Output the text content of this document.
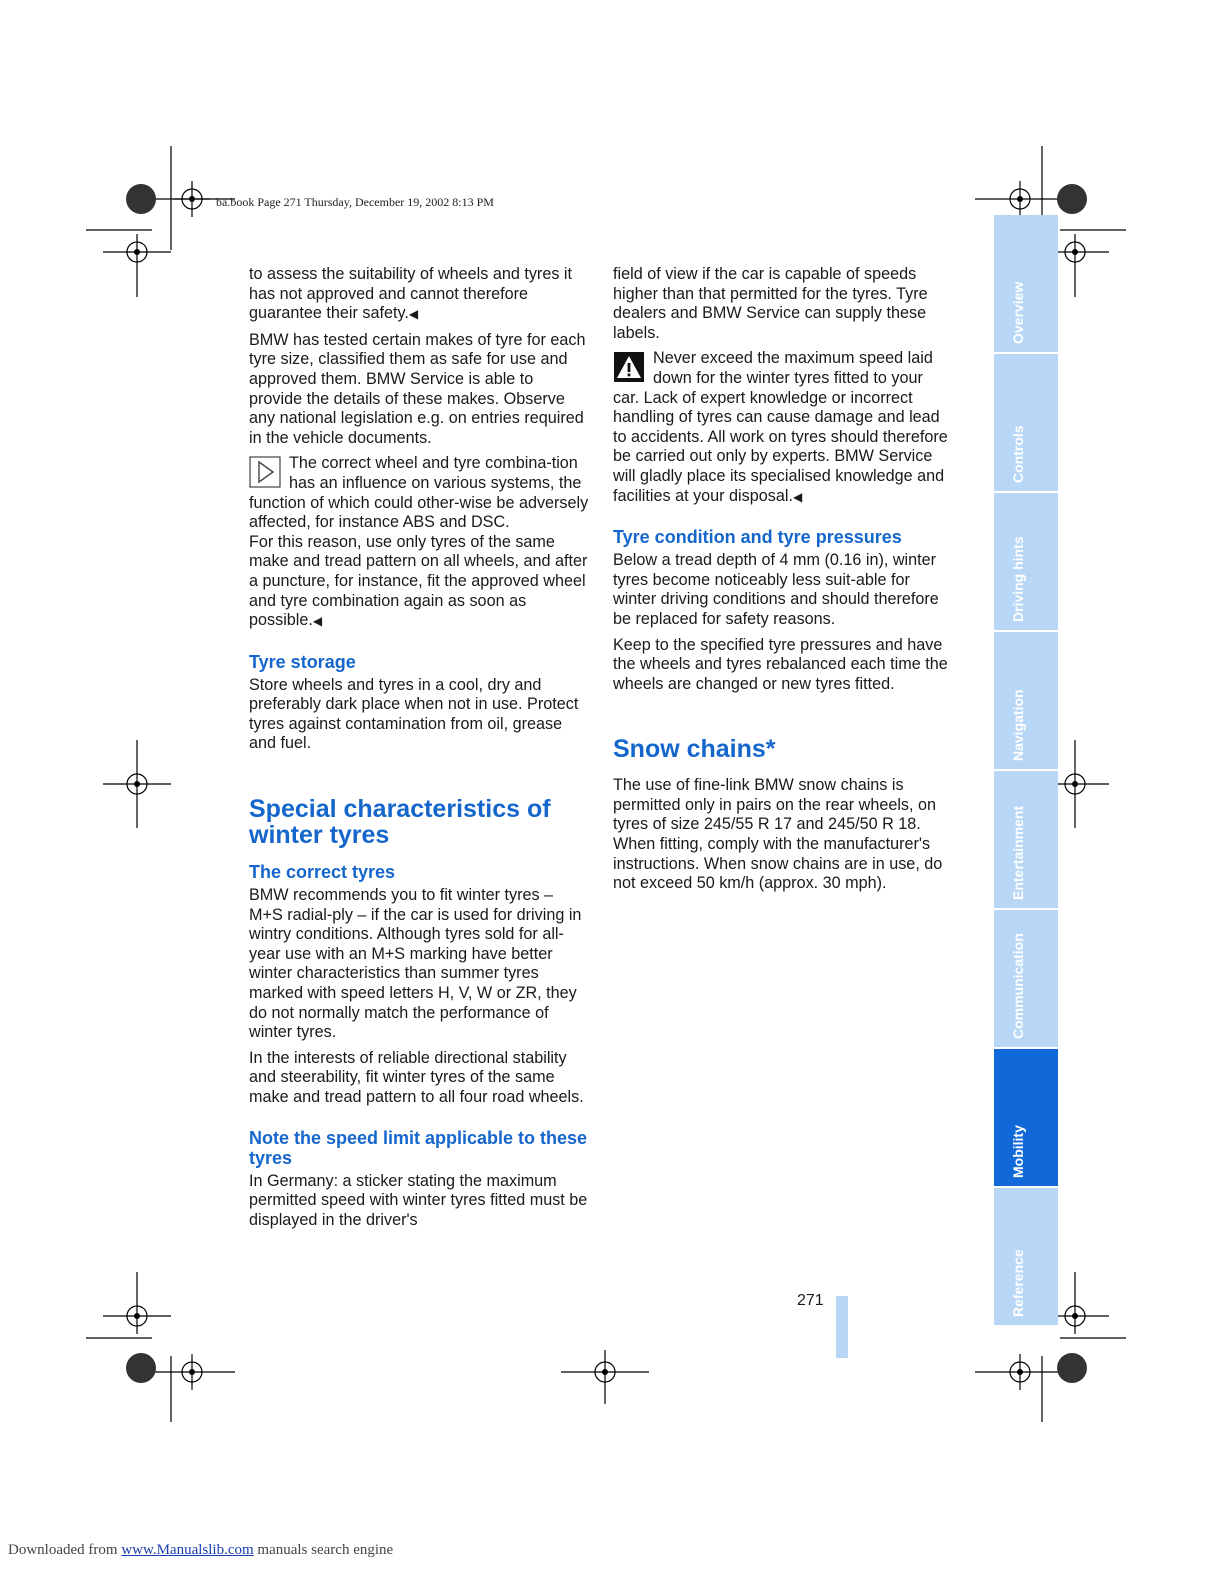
ba.book Page 271 Thursday, December 19, 2002 8:13 PM

to assess the suitability of wheels and tyres it has not approved and cannot therefore guarantee their safety.◀

BMW has tested certain makes of tyre for each tyre size, classified them as safe for use and approved them. BMW Service is able to provide the details of these makes. Observe any national legislation e.g. on entries required in the vehicle documents.

The correct wheel and tyre combina-tion has an influence on various systems, the function of which could other-wise be adversely affected, for instance ABS and DSC.

For this reason, use only tyres of the same make and tread pattern on all wheels, and after a puncture, for instance, fit the approved wheel and tyre combination again as soon as possible.◀

Tyre storage

Store wheels and tyres in a cool, dry and preferably dark place when not in use. Protect tyres against contamination from oil, grease and fuel.

Special characteristics of winter tyres
The correct tyres

BMW recommends you to fit winter tyres – M+S radial-ply – if the car is used for driving in wintry conditions. Although tyres sold for all-year use with an M+S marking have better winter characteristics than summer tyres marked with speed letters H, V, W or ZR, they do not normally match the performance of winter tyres.

In the interests of reliable directional stability and steerability, fit winter tyres of the same make and tread pattern to all four road wheels.

Note the speed limit applicable to these tyres

In Germany: a sticker stating the maximum permitted speed with winter tyres fitted must be displayed in the driver's

field of view if the car is capable of speeds higher than that permitted for the tyres. Tyre dealers and BMW Service can supply these labels.

Never exceed the maximum speed laid down for the winter tyres fitted to your car. Lack of expert knowledge or incorrect handling of tyres can cause damage and lead to accidents. All work on tyres should therefore be carried out only by experts. BMW Service will gladly place its specialised knowledge and facilities at your disposal.◀

Tyre condition and tyre pressures

Below a tread depth of 4 mm (0.16 in), winter tyres become noticeably less suit-able for winter driving conditions and should therefore be replaced for safety reasons.

Keep to the specified tyre pressures and have the wheels and tyres rebalanced each time the wheels are changed or new tyres fitted.

Snow chains*

The use of fine-link BMW snow chains is permitted only in pairs on the rear wheels, on tyres of size 245/55 R 17 and 245/50 R 18. When fitting, comply with the manufacturer's instructions. When snow chains are in use, do not exceed 50 km/h (approx. 30 mph).

Overview
Controls
Driving hints
Navigation
Entertainment
Communication
Mobility
Reference
271
Downloaded from www.Manualslib.com manuals search engine
